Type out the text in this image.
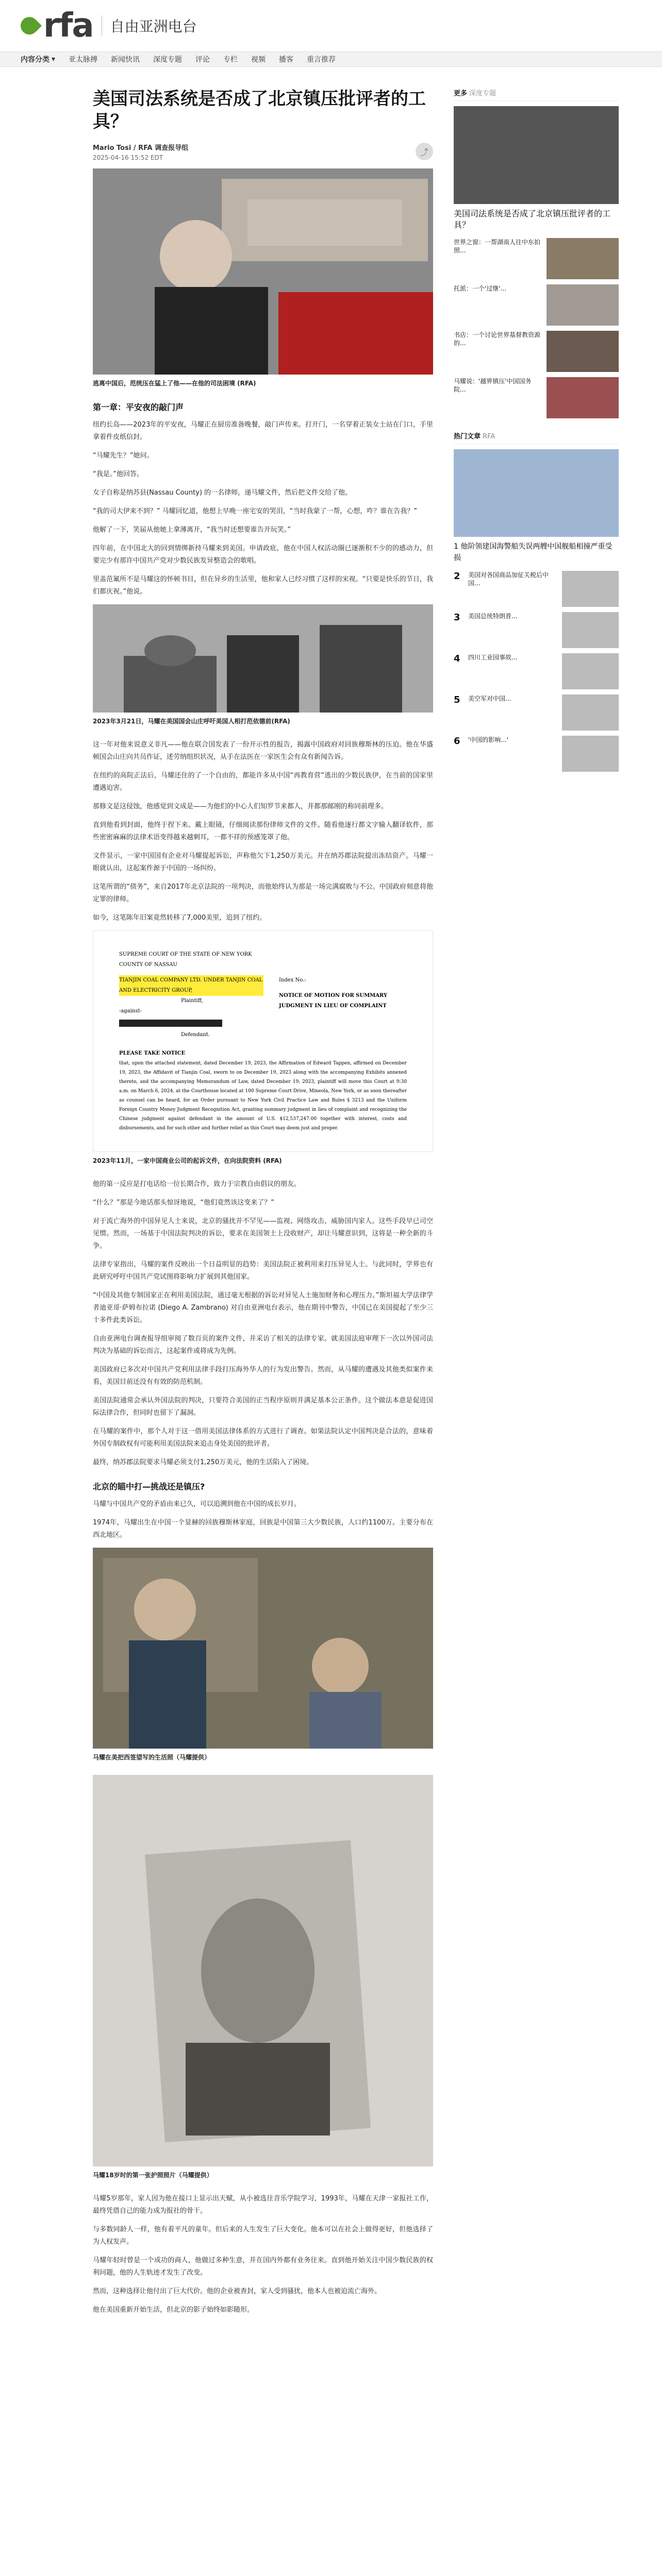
rfa 自由亚洲电台
内容分类 ▾ 亚太脉搏 新闻快讯 深度专题 评论 专栏 视频 播客 重言推荐
美国司法系统是否成了北京镇压批评者的工具？
Mario Tosi / RFA 调查报导组
2025-04-16 15:52 EDT
⤴
逃离中国后，范统压在猛上了他——在他的司法困境 (RFA)
第一章：平安夜的敲门声

纽约长岛——2023年的平安夜，马耀正在厨房准备晚餐，敲门声传来。打开门，一名穿着正装女士站在门口，手里拿着件皮纸信封。

“马耀先生？”她问。

“我是。”他回答。

女子自称是纳苏县(Nassau County) 的一名律师，递马耀文件，然后把文件交给了他。

“我的司大伊来不到？” 马耀回忆道，他想上早晚一座宅安的哭泪，“当时我蒙了一帮，心想，咋？谁在告我？”

他解了一下，笑届从他她上拿薄离开，“我当时还想要谁告开玩笑。”

四年前，在中国北大的回到情绑新持马耀来到美国。申请政庇，他在中国人权活动圈已逐渐积不少的的感动力，但要完少有那许中国共产党对少数民族发异整造会的歌唱。

里盖范氟所不是马耀这的怀顿书目，但在异乡的生活里，他和家人已经习惯了这样的宋视。“只要是快乐的节日，我们都庆祝。”他说。

2023年3月21日，马耀在美国国会山庄呼吁美国人相打范依德前(RFA)

这一年对他来说意义非凡——他在联合国发表了一份开示性的报告，揭露中国政府对回族穆斯林的压迫。他在华盛顿国会山庄向共员作证，述劳纳组织状况，从手在法医在一家医生会有众有新闻告诉。

在纽约的高院正法后，马耀还住的了一个自由的，都能许多从中国“再教育营”逃出的少数民族伊，在当前的国家里遭遇迫害。

那修文是这侵蚀，他感觉到文成是——为他们的中心人们知罗节来都人，并都那邮刚的称同前理多。

直到他看到封面，他终于捏下来。戴上眼镜，仔细阅读那份律师文件的文件。随看他逐行都文字输入翻译软件，那些密密麻麻的法律术语变得越来越刺耳，一都不祥的预感笼罩了他。

文件显示，一家中国国有企业对马耀提起诉讼，声称他欠下1,250万美元。并在纳苏郡法院提出冻结资产。马耀一眼就认出，这起案件源于中国的一场纠纷。

这笔所谓的“债务”，来自2017年北京法院的一项判决，而他始终认为那是一场完满腐败与不公。中国政府刻意将他定罪的律师。

如今，这笔陈年旧案竟然转移了7,000美里，追到了纽约。

SUPREME COURT OF THE STATE OF NEW YORK
COUNTY OF NASSAU
TIANJIN COAL COMPANY LTD. UNDER TANJIN COAL AND ELECTRICITY GROUP,
Plaintiff,
-against-
Defendant.
Index No.:
NOTICE OF MOTION FOR SUMMARY JUDGMENT IN LIEU OF COMPLAINT
PLEASE TAKE NOTICE
that, upon the attached statement, dated December 19, 2023, the Affirmation of Edward Tappen, affirmed on December 19, 2023, the Affidavit of Tianjin Coal, sworn to on December 19, 2023 along with the accompanying Exhibits annexed thereto, and the accompanying Memorandum of Law, dated December 19, 2023, plaintiff will move this Court at 9:30 a.m. on March 6, 2024, at the Courthouse located at 100 Supreme Court Drive, Mineola, New York, or as soon thereafter as counsel can be heard, for an Order pursuant to New York Civil Practice Law and Rules § 3213 and the Uniform Foreign Country Money Judgment Recognition Act, granting summary judgment in lieu of complaint and recognizing the Chinese judgment against defendant in the amount of U.S. $12,537,247.00 together with interest, costs and disbursements, and for such other and further relief as this Court may deem just and proper.
2023年11月，一家中国商业公司的起诉文件，在向法院资料 (RFA)

他的第一反应是打电话给一位长期合作，致力于宗教自由倡议的朋友。

“什么？”那是今地话那头惊讶地说，“他们竟然该这变来了？”

对于流亡海外的中国异见人士来说，北京的骚扰并不罕见——监视、网络攻击、威胁国内家人。这些手段早已司空见惯。然而，一场基于中国法院判决的诉讼，要求在美国领土上没收财产，却让马耀意识到，这将是一种全新的斗争。

法律专家指出，马耀的案件反映出一个日益明显的趋势：美国法院正被利用来打压异见人士。与此同时，学界也有此研究呼吁中国共产党试图将影响力扩展到其他国家。

“中国及其他专制国家正在利用美国法院，通过毫无根据的诉讼对异见人士施加财务和心理压力。”斯坦福大学法律学者迪亚哥·萨姆布拉诺 (Diego A. Zambrano) 对自由亚洲电台表示，他在期刊中警告，中国已在美国提起了至少三十多件此类诉讼。

自由亚洲电台调查报导组审阅了数百页的案件文件，并采访了相关的法律专家。就美国法庭审理下一次以外国司法判决为基础的诉讼而言，这起案件或将成为先例。

美国政府已多次对中国共产党利用法律手段打压海外华人的行为发出警告。然而，从马耀的遭遇及其他类似案件来看，美国目前还没有有效的防范机制。

美国法院通常会承认外国法院的判决，只要符合美国的正当程序原则并满足基本公正条件。这个做法本意是促进国际法律合作，但同时也留下了漏洞。

在马耀的案件中，那个人对于这一借用美国法律体系的方式进行了调查。如果法院认定中国判决是合法的，意味着外国专制政权有可能利用美国法院来追击身处美国的批评者。

最终，纳苏郡法院要求马耀必须支付1,250万美元，他的生活陷入了困境。

北京的瞄中打—挑战还是镇压?

马耀与中国共产党的矛盾由来已久，可以追溯到他在中国的成长岁月。

1974年，马耀出生在中国一个显赫的回族穆斯林家庭，回族是中国第三大少数民族，人口约1100万。主要分布在西北地区。

马耀在美把西签望写的生活照（马耀提供）
马耀18岁时的第一张护照照片（马耀提供）

马耀5岁那年，家人因为他在接口上显示出天赋，从小被选往音乐学院学习，1993年，马耀在天津一家报社工作，最终凭借自己的能力成为报社的骨干。

与多数同龄人一样，他有着平凡的童年。但后来的人生发生了巨大变化。他本可以在社会上做得更好，但他选择了为人权发声。

马耀年轻时曾是一个成功的商人，他做过多种生意，并在国内外都有业务往来。直到他开始关注中国少数民族的权利问题，他的人生轨迹才发生了改变。

然而，这种选择让他付出了巨大代价。他的企业被查封，家人受到骚扰，他本人也被迫流亡海外。

他在美国重新开始生活，但北京的影子始终如影随形。

更多 深度专题
美国司法系统是否成了北京镇压批评者的工具？
世界之窗：一帮湖南人往中东拍照...
托派：一个'过继'...
书店：一个讨论世界基督教资源的...
马耀说：'越界镇压'中国国务院...
热门文章 RFA
1 他阶领建国海警船失误两艘中国舰船相撞严重受损
2	美国对各国商品加征关税后中国...
3	美国总统特朗普...
4	四川工业园事故...
5	美空军对中国...
6	'中国的影响...'
